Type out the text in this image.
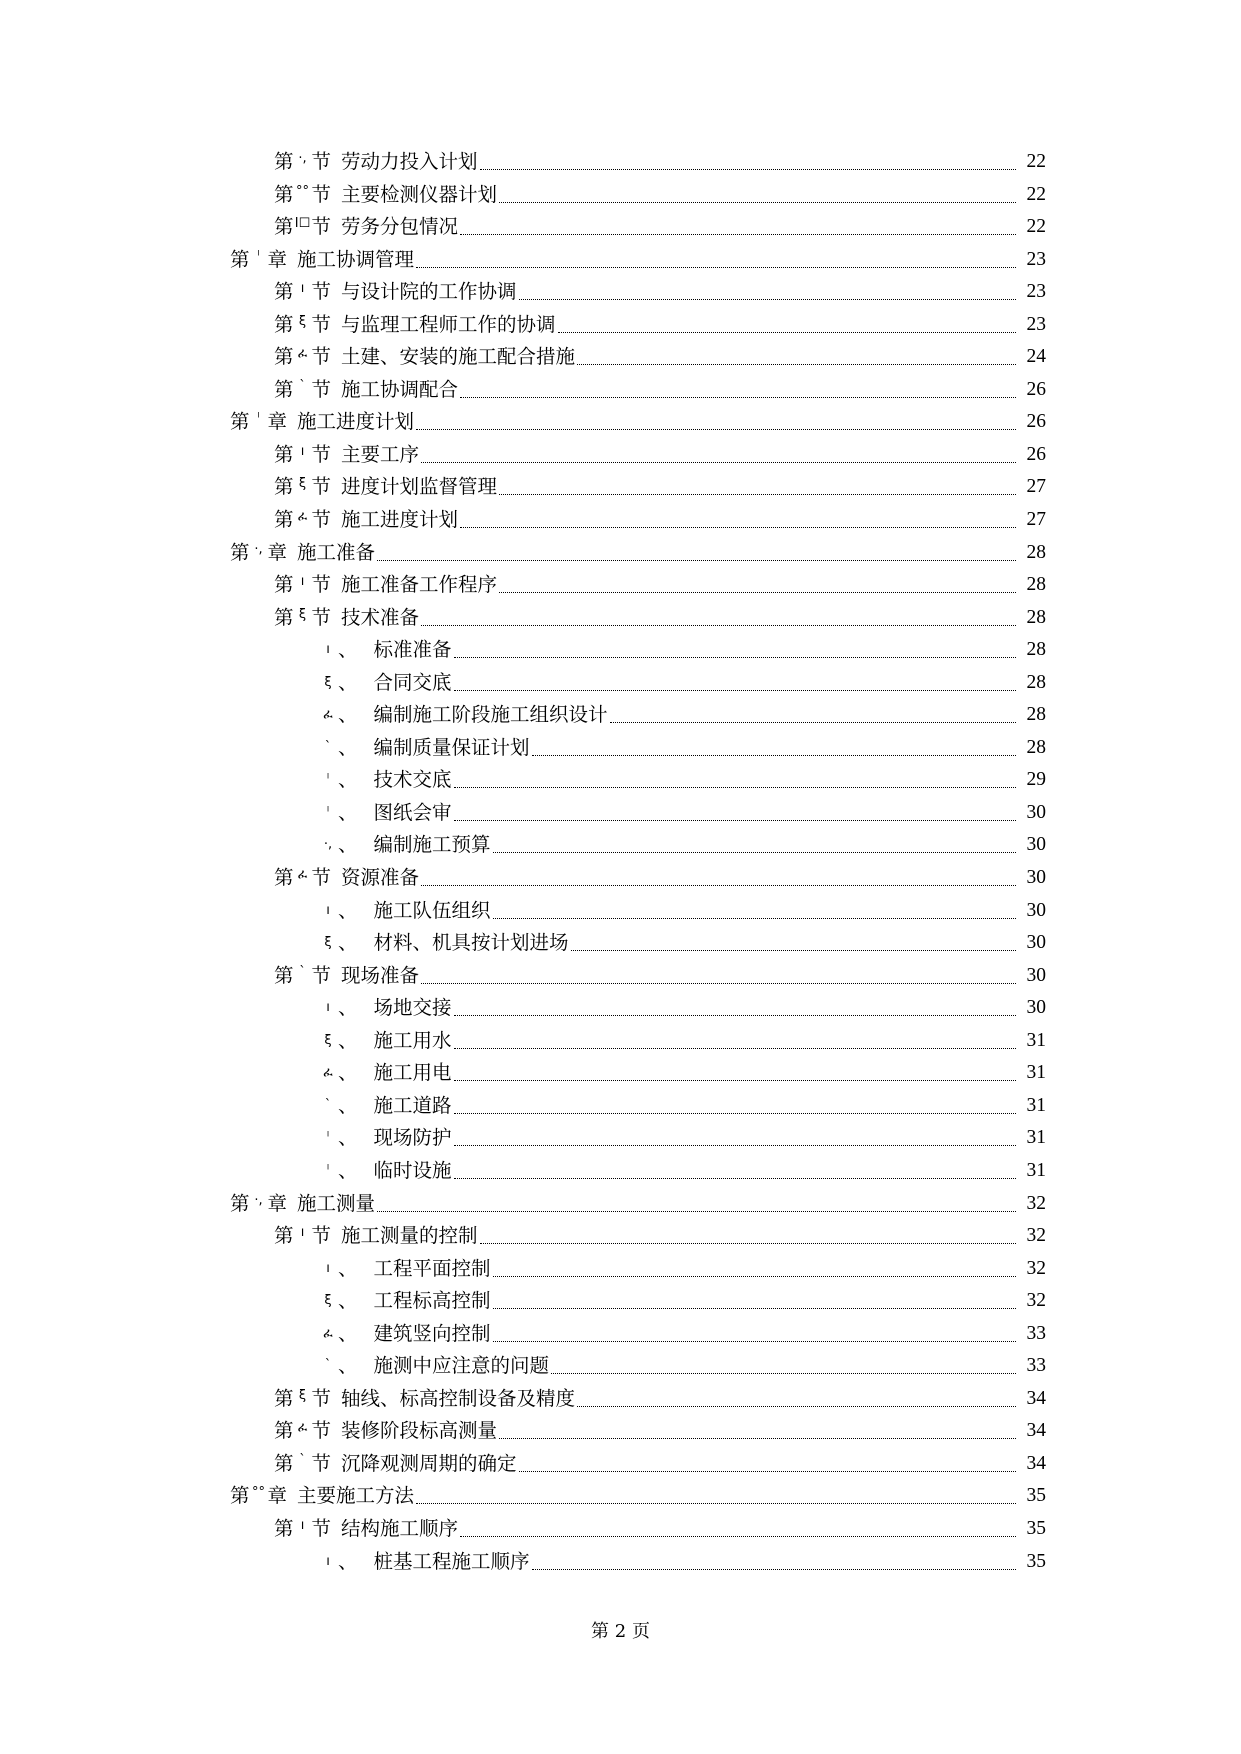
第 ·, 节 劳动力投入计划	22
第 °° 节 主要检测仪器计划	22
第 I☐ 节 劳务分包情况	22
第 ˡ 章 施工协调管理	23
第 ı 节 与设计院的工作协调	23
第 ξ 节 与监理工程师工作的协调	23
第 ፈ 节 土建、安装的施工配合措施	24
第 ˋ 节 施工协调配合	26
第 ˡ 章 施工进度计划	26
第 ı 节 主要工序	26
第 ξ 节 进度计划监督管理	27
第 ፈ 节 施工进度计划	27
第 ·, 章 施工准备	28
第 ı 节 施工准备工作程序	28
第 ξ 节 技术准备	28
ı 、 标准准备	28
ξ 、 合同交底	28
ፈ 、 编制施工阶段施工组织设计	28
ˋ 、 编制质量保证计划	28
ˡ 、 技术交底	29
ˡ 、 图纸会审	30
·, 、 编制施工预算	30
第 ፈ 节 资源准备	30
ı 、 施工队伍组织	30
ξ 、 材料、机具按计划进场	30
第 ˋ 节 现场准备	30
ı 、 场地交接	30
ξ 、 施工用水	31
ፈ 、 施工用电	31
ˋ 、 施工道路	31
ˡ 、 现场防护	31
ˡ 、 临时设施	31
第 ·, 章 施工测量	32
第 ı 节 施工测量的控制	32
ı 、 工程平面控制	32
ξ 、 工程标高控制	32
ፈ 、 建筑竖向控制	33
ˋ 、 施测中应注意的问题	33
第 ξ 节 轴线、标高控制设备及精度	34
第 ፈ 节 装修阶段标高测量	34
第 ˋ 节 沉降观测周期的确定	34
第 °° 章 主要施工方法	35
第 ı 节 结构施工顺序	35
ı 、 桩基工程施工顺序	35
第 2 页
